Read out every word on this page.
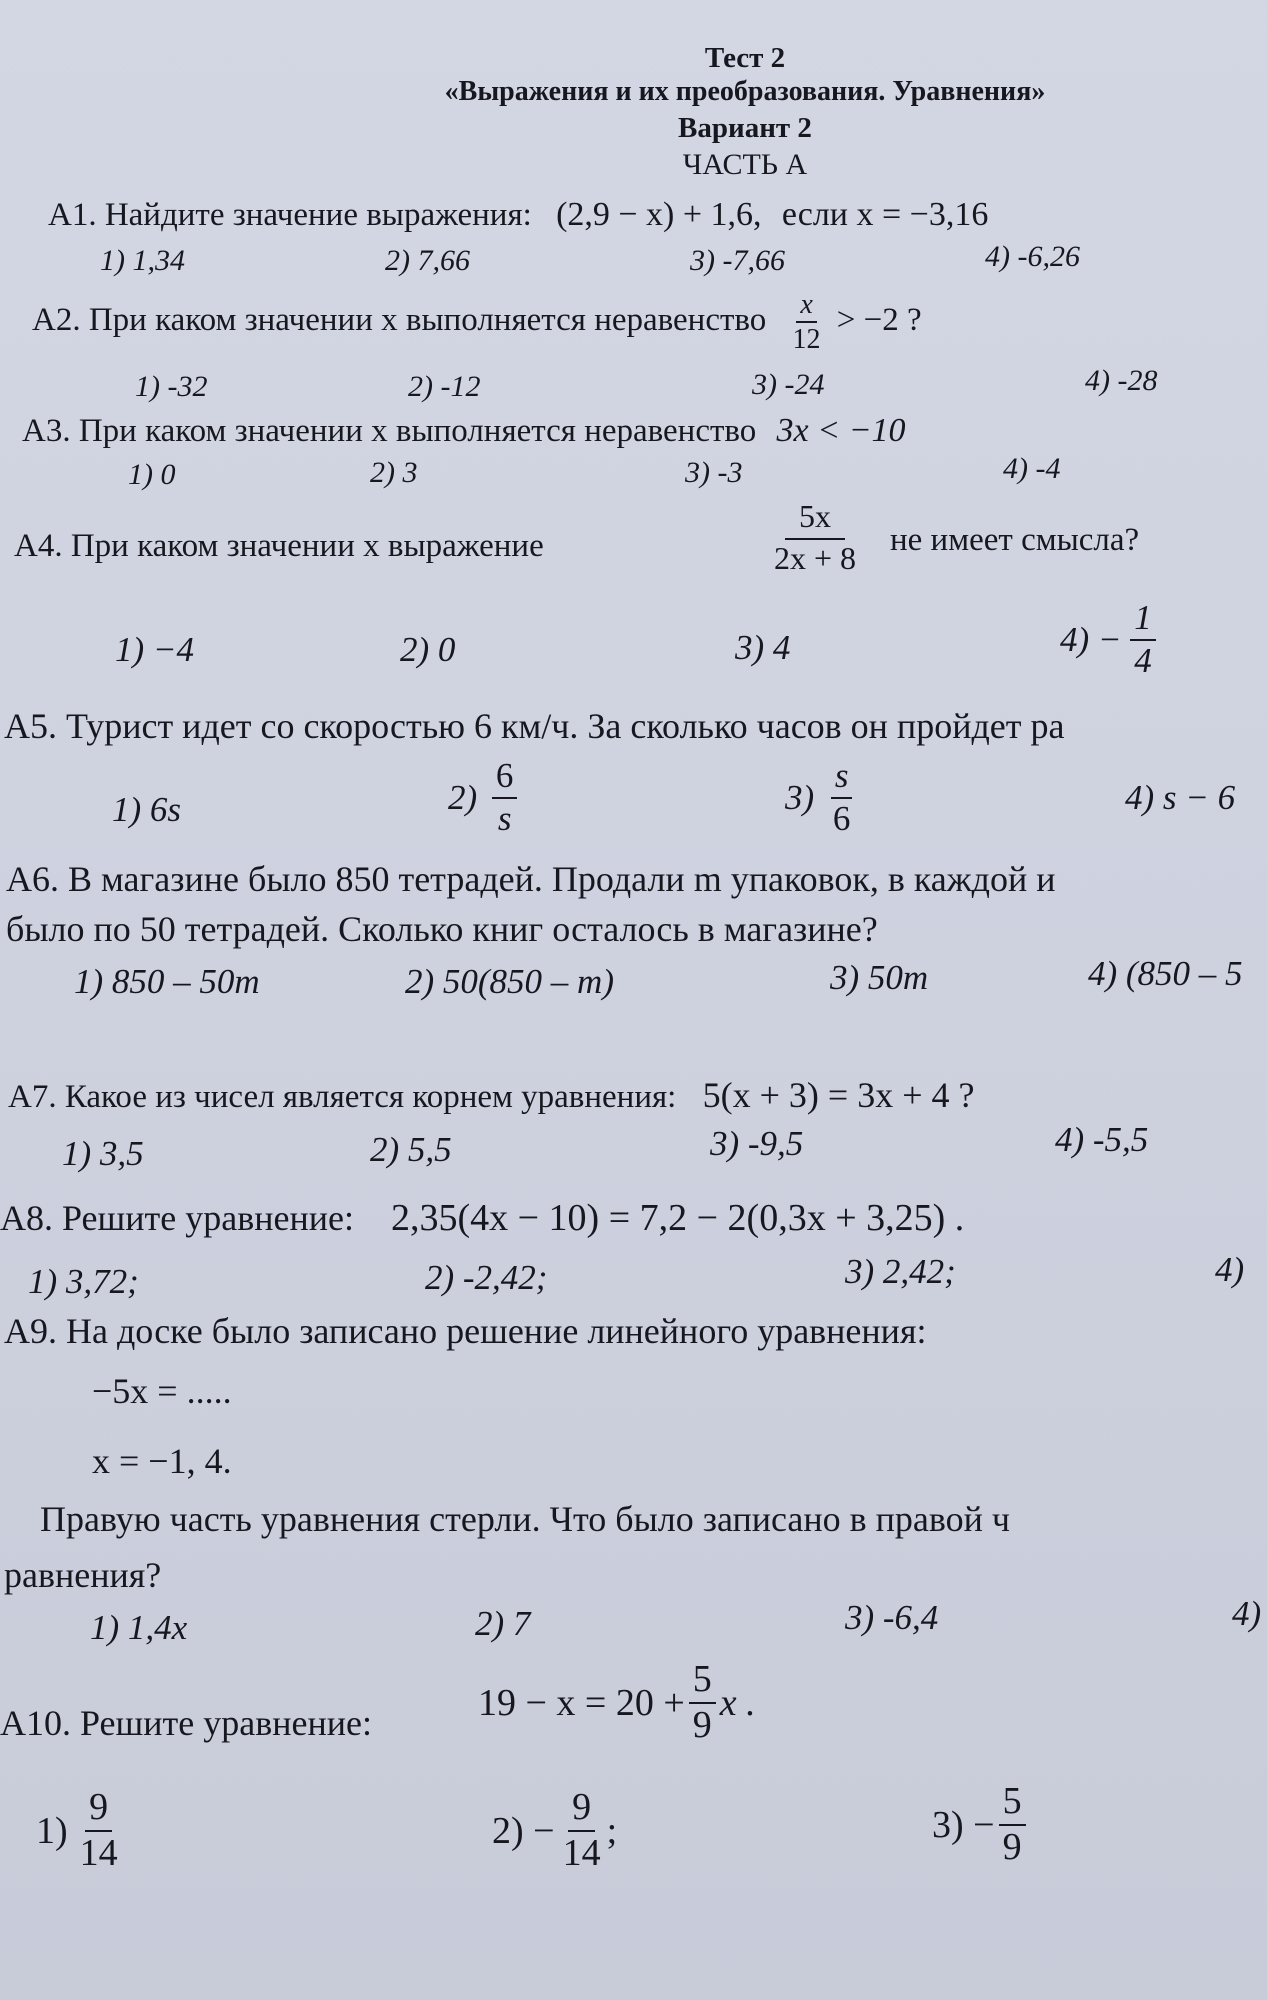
Тест 2
«Выражения и их преобразования. Уравнения»
Вариант 2
ЧАСТЬ А
А1. Найдите значение выражения: (2,9 − x) + 1,6, если x = −3,16
1) 1,34	2) 7,66	3) -7,66	4) -6,26
А2. При каком значении х выполняется неравенство $\frac{x}{12} > -2$ ?
1) -32	2) -12	3) -24	4) -28
А3. При каком значении х выполняется неравенство 3x < −10
1) 0	2) 3	3) -3	4) -4
А4. При каком значении х выражение	$\frac{5x}{2x + 8}$ не имеет смысла?
1) −4	2) 0	3) 4	$4) - \frac{1}{4}$
А5. Турист идет со скоростью 6 км/ч. За сколько часов он пройдет ра
1) 6s	$2) \frac{6}{s}$	$3) \frac{s}{6}$	4) s − 6
А6. В магазине было 850 тетрадей. Продали m упаковок, в каждой и
было по 50 тетрадей. Сколько книг осталось в магазине?
1) 850 – 50m	2) 50(850 – m)	3) 50m	4) (850 – 5
А7. Какое из чисел является корнем уравнения: 5(x + 3) = 3x + 4 ?
1) 3,5	2) 5,5	3) -9,5	4) -5,5
А8. Решите уравнение: 2,35(4x − 10) = 7,2 − 2(0,3x + 3,25) .
1) 3,72;	2) -2,42;	3) 2,42;	4)
А9. На доске было записано решение линейного уравнения:
−5x = .....
x = −1, 4.
Правую часть уравнения стерли. Что было записано в правой ч
равнения?
1) 1,4x	2) 7	3) -6,4	4)
А10. Решите уравнение:	$19 - x = 20 + \frac{5}{9}$ x .
$1) \frac{9}{14}$	$2) - \frac{9}{14}$ ;	$3) - \frac{5}{9}$
